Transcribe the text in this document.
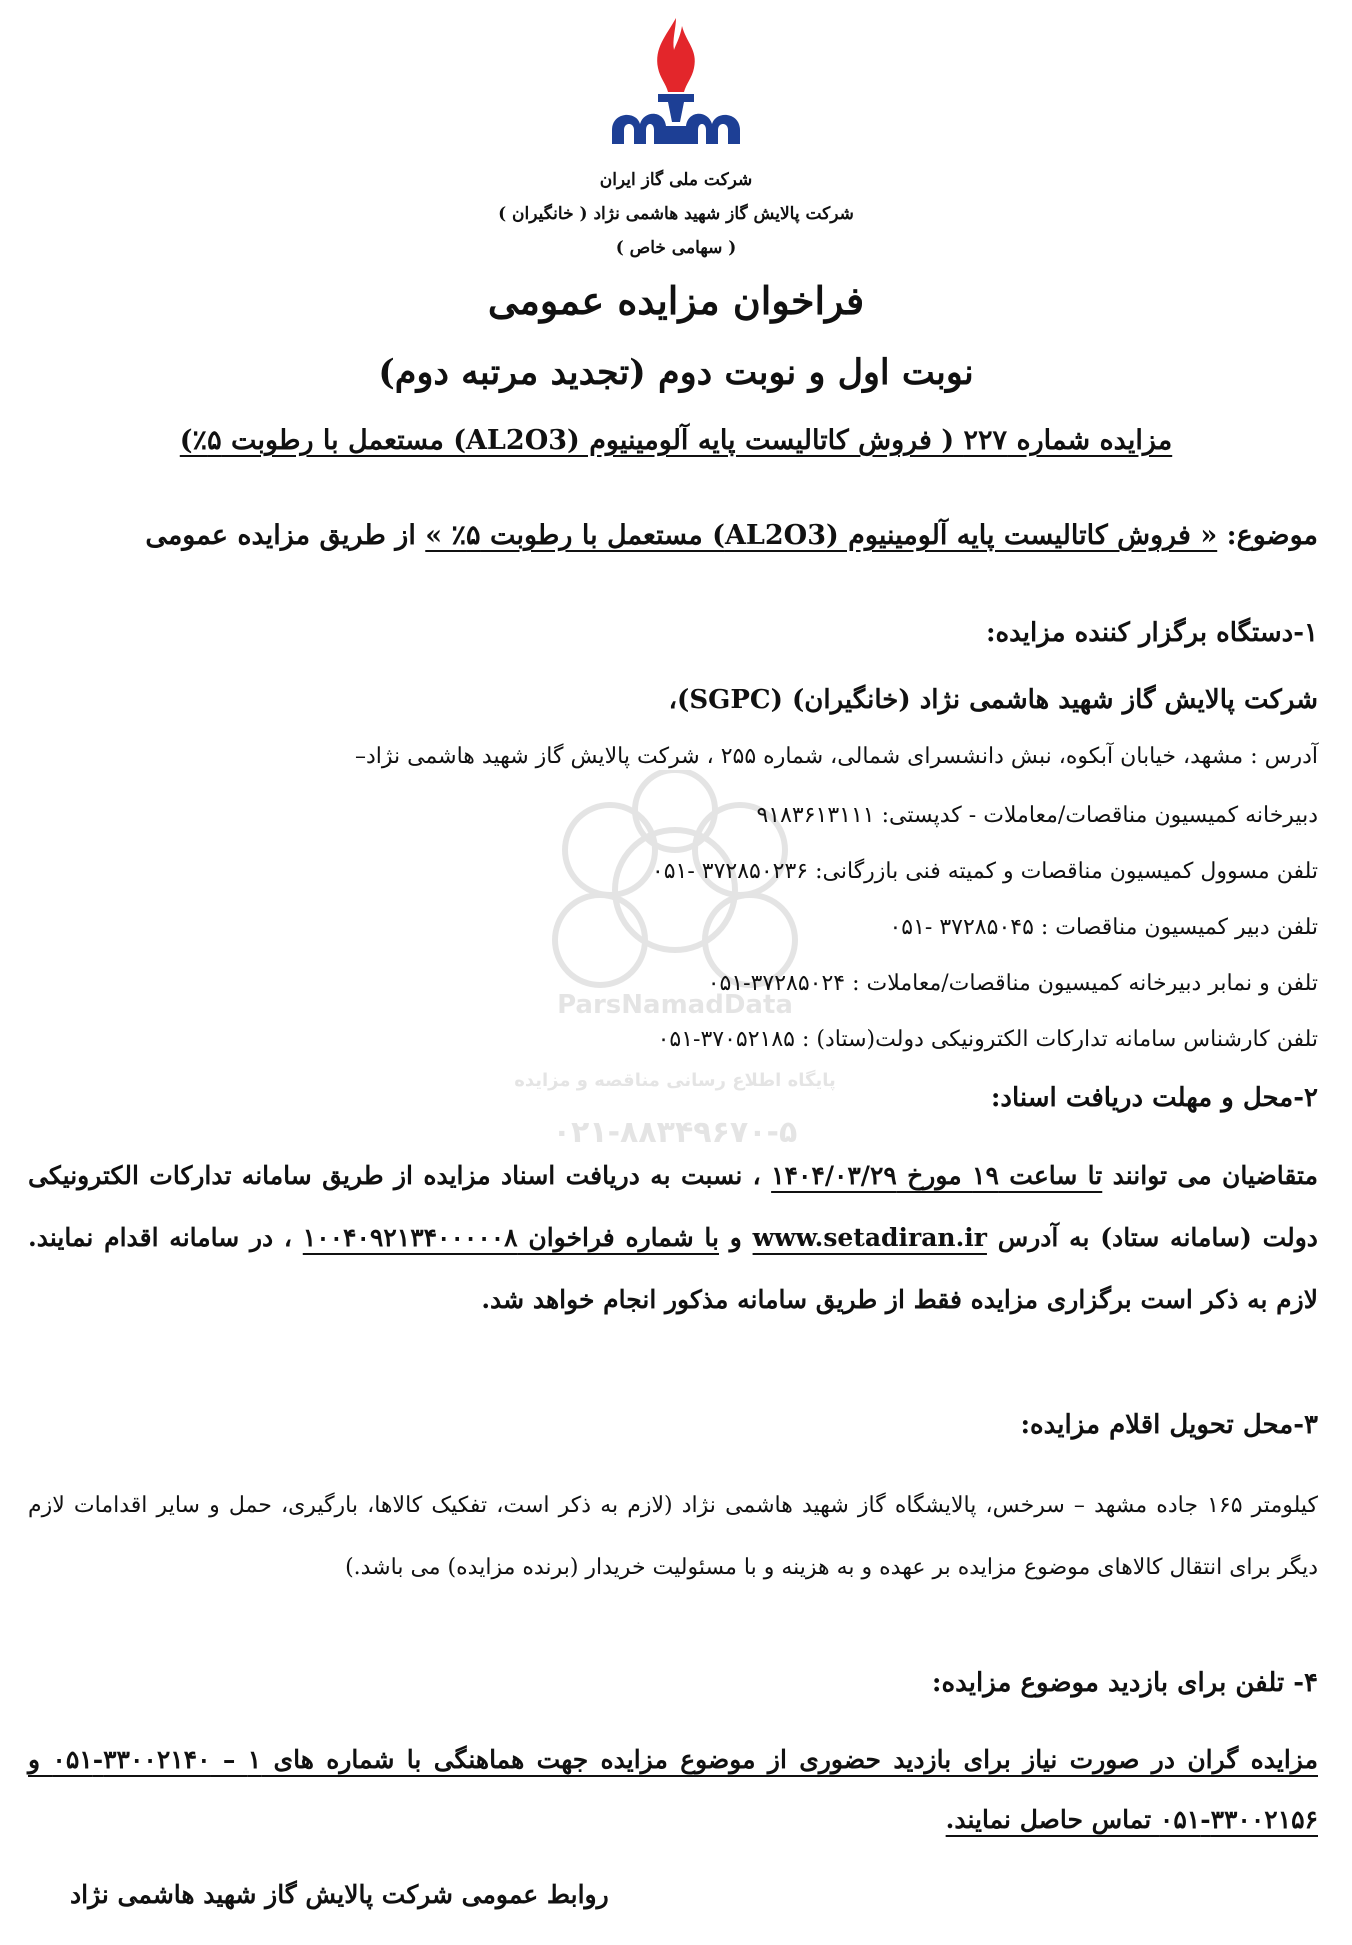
شرکت ملی گاز ایران
شرکت پالایش گاز شهید هاشمی نژاد ( خانگیران )
( سهامی خاص )
فراخوان مزایده عمومی
نوبت اول و نوبت دوم (تجدید مرتبه دوم)
مزایده شماره ۲۲۷ ( فروش کاتالیست پایه آلومینیوم (AL2O3) مستعمل با رطوبت ۵٪)
موضوع: « فروش کاتالیست پایه آلومینیوم (AL2O3) مستعمل با رطوبت ۵٪ » از طریق مزایده عمومی
ParsNamadData
پایگاه اطلاع رسانی مناقصه و مزایده
۰۲۱-۸۸۳۴۹۶۷۰-۵
۱-دستگاه برگزار کننده مزایده:
شرکت پالایش گاز شهید هاشمی نژاد (خانگیران) (SGPC)،
آدرس : مشهد، خیابان آبکوه، نبش دانشسرای شمالی، شماره ۲۵۵ ، شرکت پالایش گاز شهید هاشمی نژاد–
دبیرخانه کمیسیون مناقصات/معاملات - کدپستی: ۹۱۸۳۶۱۳۱۱۱
تلفن مسوول کمیسیون مناقصات و کمیته فنی بازرگانی: ۳۷۲۸۵۰۲۳۶ -۰۵۱
تلفن دبیر کمیسیون مناقصات : ۳۷۲۸۵۰۴۵ -۰۵۱
تلفن و نمابر دبیرخانه کمیسیون مناقصات/معاملات : ۳۷۲۸۵۰۲۴-۰۵۱
تلفن کارشناس سامانه تدارکات الکترونیکی دولت(ستاد) : ۳۷۰۵۲۱۸۵-۰۵۱
۲-محل و مهلت دریافت اسناد:
متقاضیان می توانند تا ساعت ۱۹ مورخ ۱۴۰۴/۰۳/۲۹ ، نسبت به دریافت اسناد مزایده از طریق سامانه تدارکات الکترونیکی دولت (سامانه ستاد) به آدرس www.setadiran.ir و با شماره فراخوان ۱۰۰۴۰۹۲۱۳۴۰۰۰۰۰۸ ، در سامانه اقدام نمایند. لازم به ذکر است برگزاری مزایده فقط از طریق سامانه مذکور انجام خواهد شد.
۳-محل تحویل اقلام مزایده:
کیلومتر ۱۶۵ جاده مشهد – سرخس، پالایشگاه گاز شهید هاشمی نژاد (لازم به ذکر است، تفکیک کالاها، بارگیری، حمل و سایر اقدامات لازم دیگر برای انتقال کالاهای موضوع مزایده بر عهده و به هزینه و با مسئولیت خریدار (برنده مزایده) می باشد.)
۴- تلفن برای بازدید موضوع مزایده:
مزایده گران در صورت نیاز برای بازدید حضوری از موضوع مزایده جهت هماهنگی با شماره های ۱ – ۳۳۰۰۲۱۴۰-۰۵۱ و ۳۳۰۰۲۱۵۶-۰۵۱ تماس حاصل نمایند.
روابط عمومی شرکت پالایش گاز شهید هاشمی نژاد
